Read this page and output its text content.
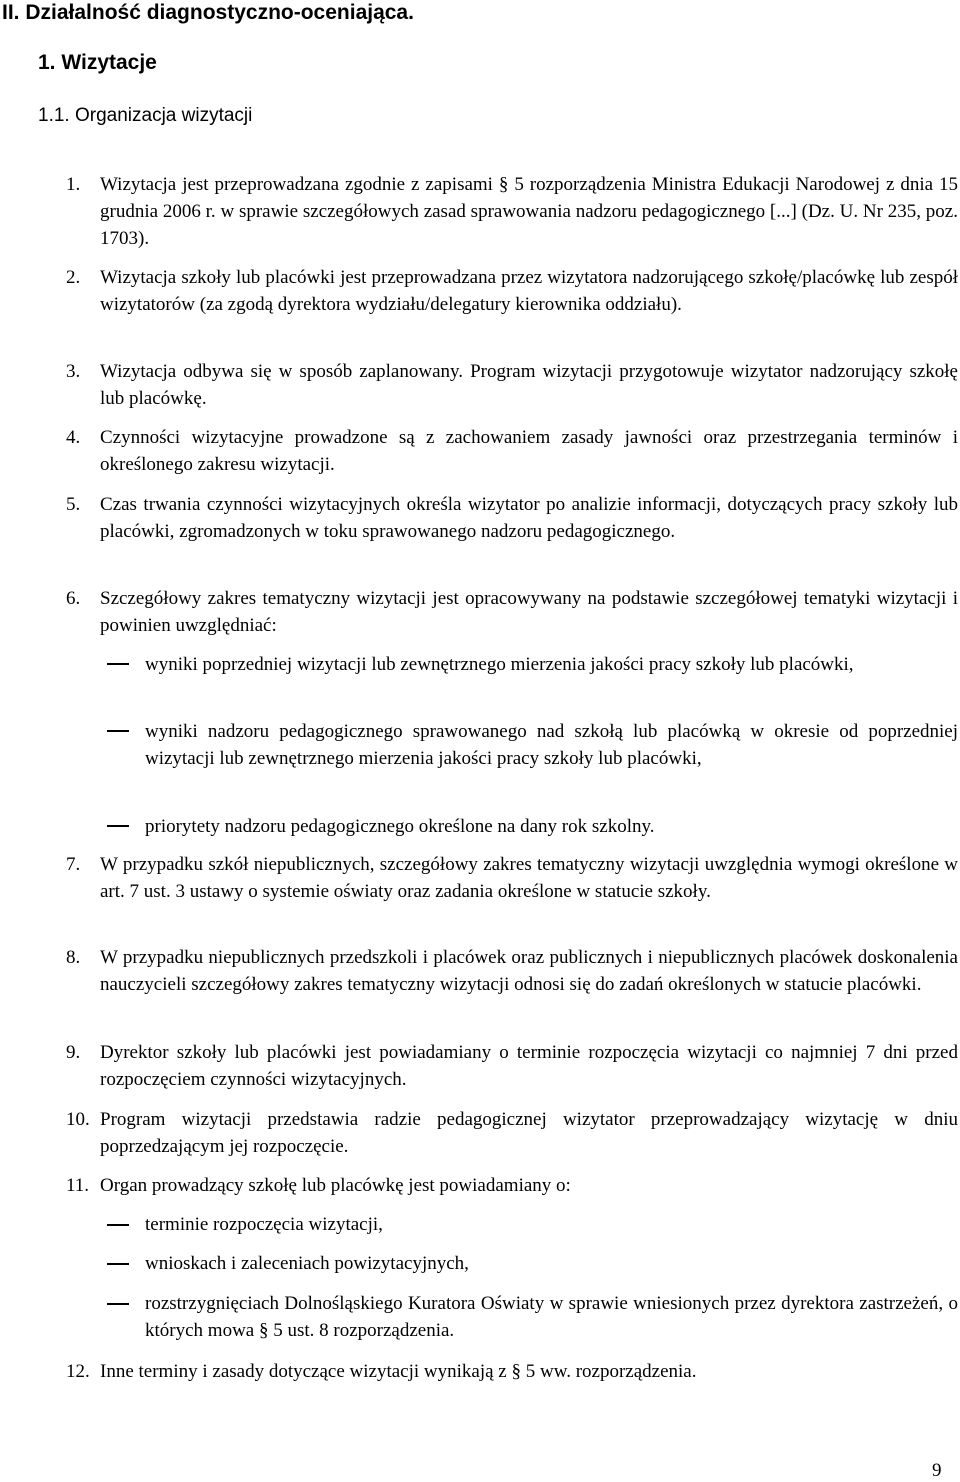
II. Działalność diagnostyczno-oceniająca.
1. Wizytacje
1.1. Organizacja wizytacji
1. Wizytacja jest przeprowadzana zgodnie z zapisami § 5 rozporządzenia Ministra Edukacji Narodowej z dnia 15 grudnia 2006 r. w sprawie szczegółowych zasad sprawowania nadzoru pedagogicznego [...] (Dz. U. Nr 235, poz. 1703).
2. Wizytacja szkoły lub placówki jest przeprowadzana przez wizytatora nadzorującego szkołę/placówkę lub zespół wizytatorów (za zgodą dyrektora wydziału/delegatury kierownika oddziału).
3. Wizytacja odbywa się w sposób zaplanowany. Program wizytacji przygotowuje wizytator nadzorujący szkołę lub placówkę.
4. Czynności wizytacyjne prowadzone są z zachowaniem zasady jawności oraz przestrzegania terminów i określonego zakresu wizytacji.
5. Czas trwania czynności wizytacyjnych określa wizytator po analizie informacji, dotyczących pracy szkoły lub placówki, zgromadzonych w toku sprawowanego nadzoru pedagogicznego.
6. Szczegółowy zakres tematyczny wizytacji jest opracowywany na podstawie szczegółowej tematyki wizytacji i powinien uwzględniać:
wyniki poprzedniej wizytacji lub zewnętrznego mierzenia jakości pracy szkoły lub placówki,
wyniki nadzoru pedagogicznego sprawowanego nad szkołą lub placówką w okresie od poprzedniej wizytacji lub zewnętrznego mierzenia jakości pracy szkoły lub placówki,
priorytety nadzoru pedagogicznego określone na dany rok szkolny.
7. W przypadku szkół niepublicznych, szczegółowy zakres tematyczny wizytacji uwzględnia wymogi określone w art. 7 ust. 3 ustawy o systemie oświaty oraz zadania określone w statucie szkoły.
8. W przypadku niepublicznych przedszkoli i placówek oraz publicznych i niepublicznych placówek doskonalenia nauczycieli szczegółowy zakres tematyczny wizytacji odnosi się do zadań określonych w statucie placówki.
9. Dyrektor szkoły lub placówki jest powiadamiany o terminie rozpoczęcia wizytacji co najmniej 7 dni przed rozpoczęciem czynności wizytacyjnych.
10. Program wizytacji przedstawia radzie pedagogicznej wizytator przeprowadzający wizytację w dniu poprzedzającym jej rozpoczęcie.
11. Organ prowadzący szkołę lub placówkę jest powiadamiany o:
terminie rozpoczęcia wizytacji,
wnioskach i zaleceniach powizytacyjnych,
rozstrzygnięciach Dolnośląskiego Kuratora Oświaty w sprawie wniesionych przez dyrektora zastrzeżeń, o których mowa § 5 ust. 8 rozporządzenia.
12. Inne terminy i zasady dotyczące wizytacji wynikają z § 5 ww. rozporządzenia.
9
